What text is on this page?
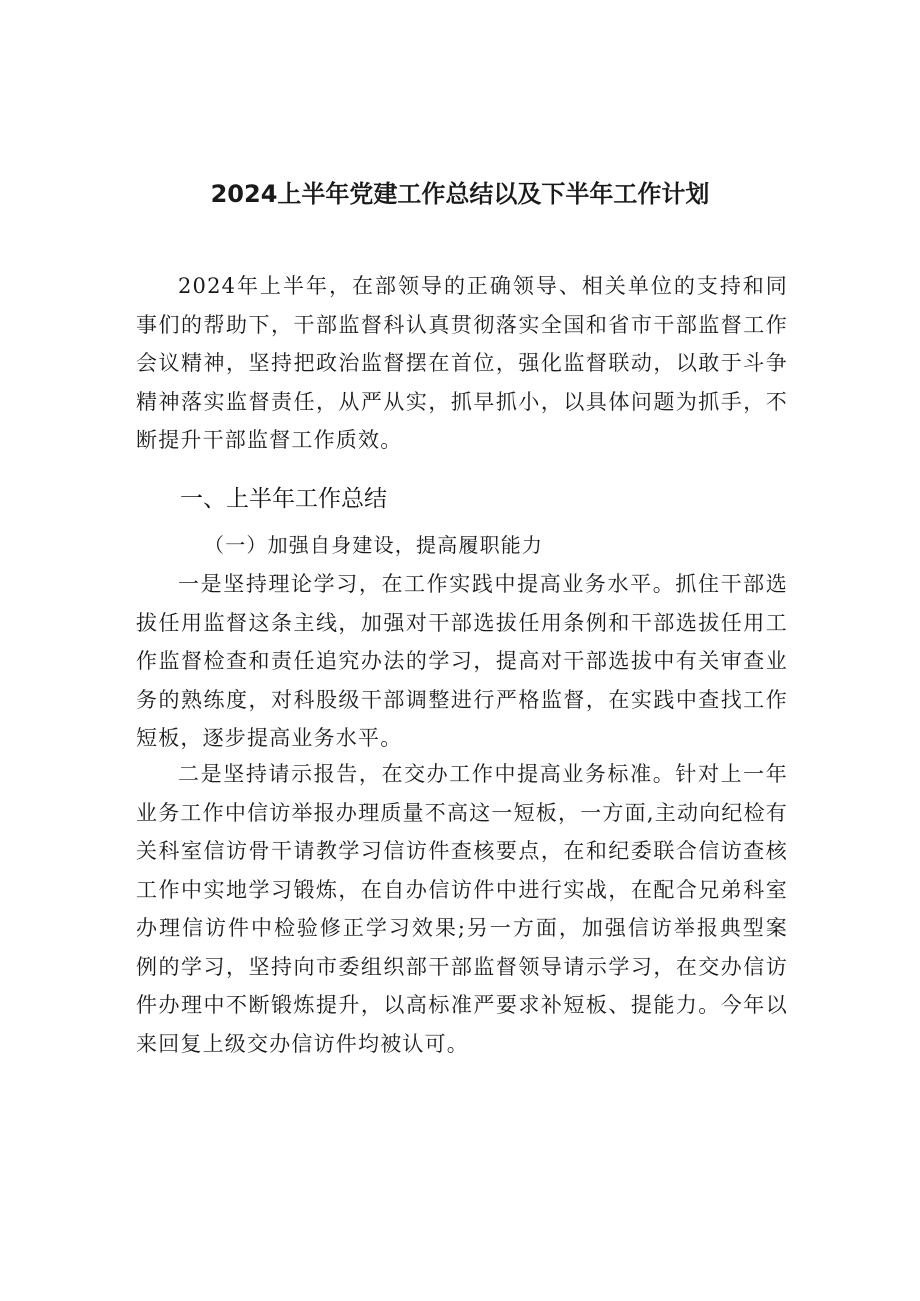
2024上半年党建工作总结以及下半年工作计划

2024年上半年，在部领导的正确领导、相关单位的支持和同事们的帮助下，干部监督科认真贯彻落实全国和省市干部监督工作会议精神，坚持把政治监督摆在首位，强化监督联动，以敢于斗争精神落实监督责任，从严从实，抓早抓小，以具体问题为抓手，不断提升干部监督工作质效。

一、上半年工作总结
（一）加强自身建设，提高履职能力

一是坚持理论学习，在工作实践中提高业务水平。抓住干部选拔任用监督这条主线，加强对干部选拔任用条例和干部选拔任用工作监督检查和责任追究办法的学习，提高对干部选拔中有关审查业务的熟练度，对科股级干部调整进行严格监督，在实践中查找工作短板，逐步提高业务水平。

二是坚持请示报告，在交办工作中提高业务标准。针对上一年业务工作中信访举报办理质量不高这一短板，一方面,主动向纪检有关科室信访骨干请教学习信访件查核要点，在和纪委联合信访查核工作中实地学习锻炼，在自办信访件中进行实战，在配合兄弟科室办理信访件中检验修正学习效果;另一方面，加强信访举报典型案例的学习，坚持向市委组织部干部监督领导请示学习，在交办信访件办理中不断锻炼提升，以高标准严要求补短板、提能力。今年以来回复上级交办信访件均被认可。
